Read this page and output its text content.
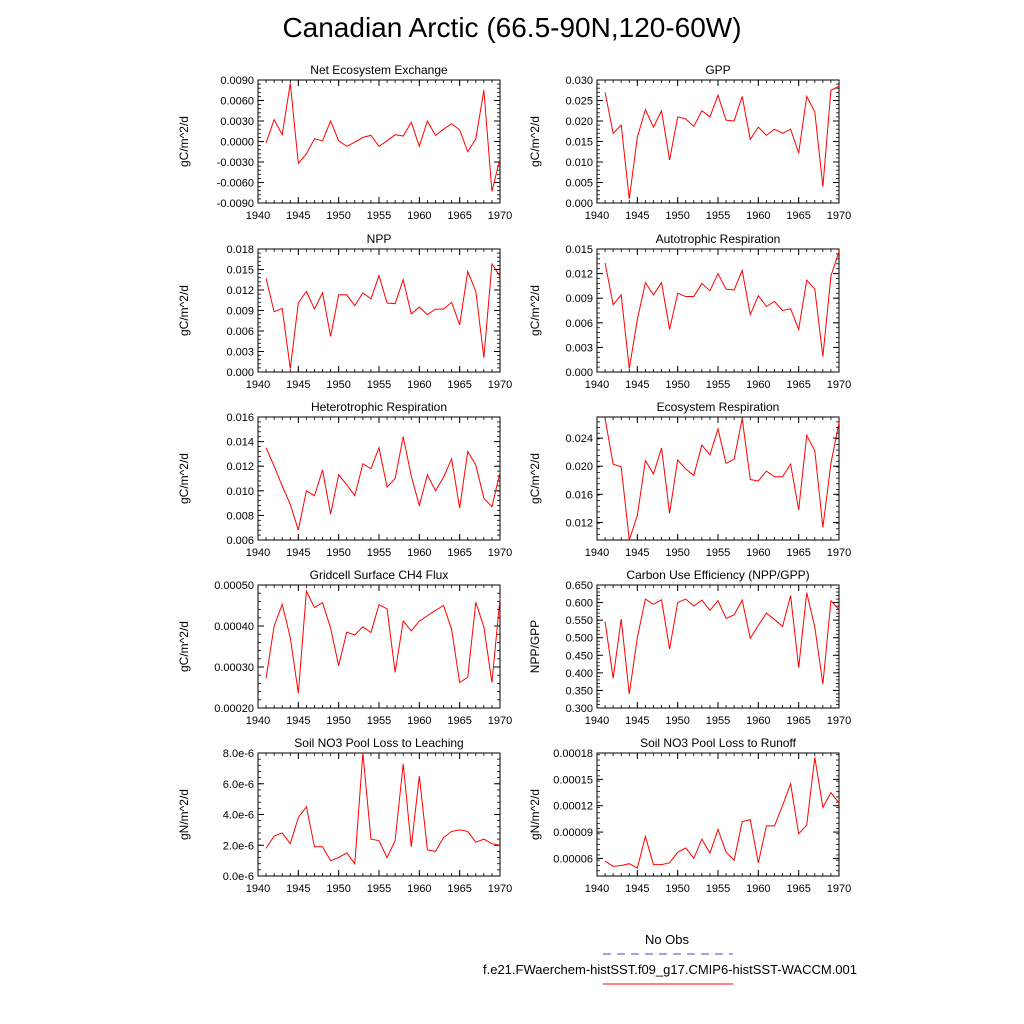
Canadian Arctic (66.5-90N,120-60W)
Net Ecosystem Exchange
1940 1945 1950 1955 1960 1965 1970
-0.0090
-0.0060
-0.0030
0.0000
0.0030
0.0060
0.0090
gC/m^2/d
GPP
1940 1945 1950 1955 1960 1965 1970
0.000
0.005
0.010
0.015
0.020
0.025
0.030
gC/m^2/d
NPP
1940 1945 1950 1955 1960 1965 1970
0.000
0.003
0.006
0.009
0.012
0.015
0.018
gC/m^2/d
Autotrophic Respiration
1940 1945 1950 1955 1960 1965 1970
0.000
0.003
0.006
0.009
0.012
0.015
gC/m^2/d
Heterotrophic Respiration
1940 1945 1950 1955 1960 1965 1970
0.006
0.008
0.010
0.012
0.014
0.016
gC/m^2/d
Ecosystem Respiration
1940 1945 1950 1955 1960 1965 1970
0.012
0.016
0.020
0.024
gC/m^2/d
Gridcell Surface CH4 Flux
1940 1945 1950 1955 1960 1965 1970
0.00020
0.00030
0.00040
0.00050
gC/m^2/d
Carbon Use Efficiency (NPP/GPP)
1940 1945 1950 1955 1960 1965 1970
0.300
0.350
0.400
0.450
0.500
0.550
0.600
0.650
NPP/GPP
Soil NO3 Pool Loss to Leaching
1940 1945 1950 1955 1960 1965 1970
0.0e-6
2.0e-6
4.0e-6
6.0e-6
8.0e-6
gN/m^2/d
Soil NO3 Pool Loss to Runoff
1940 1945 1950 1955 1960 1965 1970
0.00006
0.00009
0.00012
0.00015
0.00018
gN/m^2/d
No Obs
f.e21.FWaerchem-histSST.f09_g17.CMIP6-histSST-WACCM.001
